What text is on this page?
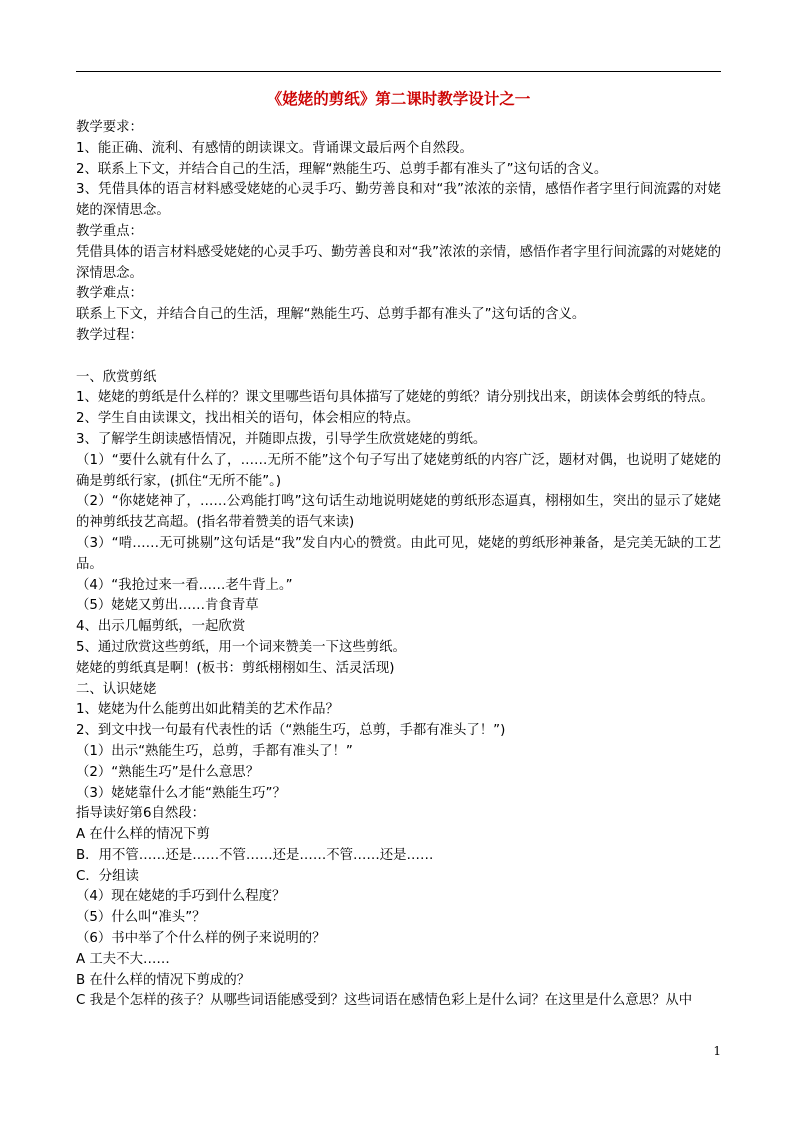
《姥姥的剪纸》第二课时教学设计之一
教学要求：
1、能正确、流利、有感情的朗读课文。背诵课文最后两个自然段。
2、联系上下文，并结合自己的生活，理解“熟能生巧、总剪手都有准头了”这句话的含义。
3、凭借具体的语言材料感受姥姥的心灵手巧、勤劳善良和对“我”浓浓的亲情，感悟作者字里行间流露的对姥姥的深情思念。
教学重点：
凭借具体的语言材料感受姥姥的心灵手巧、勤劳善良和对“我”浓浓的亲情，感悟作者字里行间流露的对姥姥的深情思念。
教学难点：
联系上下文，并结合自己的生活，理解“熟能生巧、总剪手都有准头了”这句话的含义。
教学过程：
一、欣赏剪纸
1、姥姥的剪纸是什么样的？课文里哪些语句具体描写了姥姥的剪纸？请分别找出来，朗读体会剪纸的特点。
2、学生自由读课文，找出相关的语句，体会相应的特点。
3、了解学生朗读感悟情况，并随即点拨，引导学生欣赏姥姥的剪纸。
（1）“要什么就有什么了，……无所不能”这个句子写出了姥姥剪纸的内容广泛，题材对偶，也说明了姥姥的确是剪纸行家，(抓住“无所不能”。)
（2）“你姥姥神了，……公鸡能打鸣”这句话生动地说明姥姥的剪纸形态逼真，栩栩如生，突出的显示了姥姥的神剪纸技艺高超。(指名带着赞美的语气来读)
（3）“啃……无可挑剔”这句话是“我”发自内心的赞赏。由此可见，姥姥的剪纸形神兼备，是完美无缺的工艺品。
（4）“我抢过来一看……老牛背上。”
（5）姥姥又剪出……肯食青草
4、出示几幅剪纸，一起欣赏
5、通过欣赏这些剪纸，用一个词来赞美一下这些剪纸。
姥姥的剪纸真是啊！(板书：剪纸栩栩如生、活灵活现)
二、认识姥姥
1、姥姥为什么能剪出如此精美的艺术作品？
2、到文中找一句最有代表性的话（“熟能生巧，总剪，手都有准头了！”)
（1）出示“熟能生巧，总剪，手都有准头了！”
（2）“熟能生巧”是什么意思？
（3）姥姥靠什么才能“熟能生巧”？
指导读好第6自然段：
A 在什么样的情况下剪
B．用不管……还是……不管……还是……不管……还是……
C．分组读
（4）现在姥姥的手巧到什么程度？
（5）什么叫“准头”？
（6）书中举了个什么样的例子来说明的？
A 工夫不大……
B 在什么样的情况下剪成的？
C 我是个怎样的孩子？从哪些词语能感受到？这些词语在感情色彩上是什么词？在这里是什么意思？从中
1
